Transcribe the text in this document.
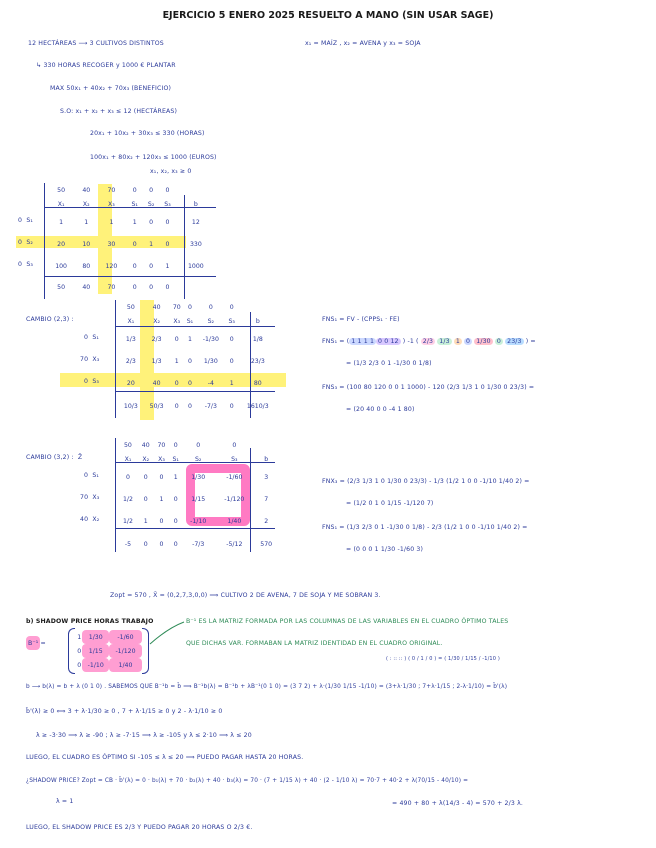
EJERCICIO 5 ENERO 2025 RESUELTO A MANO (SIN USAR SAGE)
12 HECTÁREAS ⟶ 3 CULTIVOS DISTINTOS	x₁ = MAÍZ , x₂ = AVENA y x₃ = SOJA
↳ 330 HORAS RECOGER y 1000 € PLANTAR
MAX 50x₁ + 40x₂ + 70x₃ (BENEFICIO)
S.O: x₁ + x₂ + x₃ ≤ 12 (HECTÁREAS)
20x₁ + 10x₂ + 30x₃ ≤ 330 (HORAS)
100x₁ + 80x₂ + 120x₃ ≤ 1000 (EUROS)
x₁, x₂, x₃ ≥ 0
50	40	70	0	0	0	
X₁	X₂	X₃	S₁	S₂	S₃	b
1	1	1	1	0	0	12
20	10	30	0	1	0	330
100	80	120	0	0	1	1000
50	40	70	0	0	0	
0 S₁
0 S₂
0 S₃
CAMBIO (2,3) :
50	40	70	0	0	0	
X₁	X₂	X₃	S₁	S₂	S₃	b
1/3	2/3	0	1	-1/30	0	1/8
2/3	1/3	1	0	1/30	0	23/3
20	40	0	0	-4	1	80
10/3	50/3	0	0	-7/3	0	1610/3
0 S₁
70 X₃
0 S₃
FNS₁ = FV - (CPPS₁ · FE)
FNS₁ = ( 1 1 1 1 0 0 12 ) -1 ( 2/3 1/3 1 0 1/30 0 23/3 ) =
= (1/3 2/3 0 1 -1/30 0 1/8)
FNS₃ = (100 80 120 0 0 1 1000) - 120 (2/3 1/3 1 0 1/30 0 23/3) =
= (20 40 0 0 -4 1 80)
CAMBIO (3,2) : Z̄
50	40	70	0	0	0	
X₁	X₂	X₃	S₁	S₂	S₃	b
0	0	0	1	1/30	-1/60	3
1/2	0	1	0	1/15	-1/120	7
1/2	1	0	0	-1/10	1/40	2
-5	0	0	0	-7/3	-5/12	570
0 S₁
70 X₃
40 X₂
FNX₃ = (2/3 1/3 1 0 1/30 0 23/3) - 1/3 (1/2 1 0 0 -1/10 1/40 2) =
= (1/2 0 1 0 1/15 -1/120 7)
FNS₁ = (1/3 2/3 0 1 -1/30 0 1/8) - 2/3 (1/2 1 0 0 -1/10 1/40 2) =
= (0 0 0 1 1/30 -1/60 3)
Zopt = 570 , X̄ = (0,2,7,3,0,0) ⟹ CULTIVO 2 DE AVENA, 7 DE SOJA Y ME SOBRAN 3.
b) SHADOW PRICE HORAS TRABAJO	B⁻¹ ES LA MATRIZ FORMADA POR LAS COLUMNAS DE LAS VARIABLES EN EL CUADRO ÓPTIMO TALES
QUE DICHAS VAR. FORMABAN LA MATRIZ IDENTIDAD EN EL CUADRO ORIGINAL.
B⁻¹ =
1	1/30	-1/60
0	1/15	-1/120
0	-1/10	1/40
( : :: :: ) ( 0 / 1 / 0 ) = ( 1/30 / 1/15 / -1/10 )
b ⟶ b(λ) = b + λ (0 1 0) . SABEMOS QUE B⁻¹b = b̄ ⟹ B⁻¹b(λ) = B⁻¹b + λB⁻¹(0 1 0) = (3 7 2) + λ·(1/30 1/15 -1/10) = (3+λ·1/30 ; 7+λ·1/15 ; 2-λ·1/10) = b̄'(λ)
b̄'(λ) ≥ 0 ⟺ 3 + λ·1/30 ≥ 0 , 7 + λ·1/15 ≥ 0 y 2 - λ·1/10 ≥ 0
λ ≥ -3·30 ⟹ λ ≥ -90 ; λ ≥ -7·15 ⟹ λ ≥ -105 y λ ≤ 2·10 ⟹ λ ≤ 20
LUEGO, EL CUADRO ES ÓPTIMO SI -105 ≤ λ ≤ 20 ⟹ PUEDO PAGAR HASTA 20 HORAS.
¿SHADOW PRICE? Zopt = CB · b̄'(λ) = 0 · b₁(λ) + 70 · b₂(λ) + 40 · b₃(λ) = 70 · (7 + 1/15 λ) + 40 · (2 - 1/10 λ) = 70·7 + 40·2 + λ(70/15 - 40/10) =
λ = 1	= 490 + 80 + λ(14/3 - 4) = 570 + 2/3 λ.
LUEGO, EL SHADOW PRICE ES 2/3 Y PUEDO PAGAR 20 HORAS O 2/3 €.
